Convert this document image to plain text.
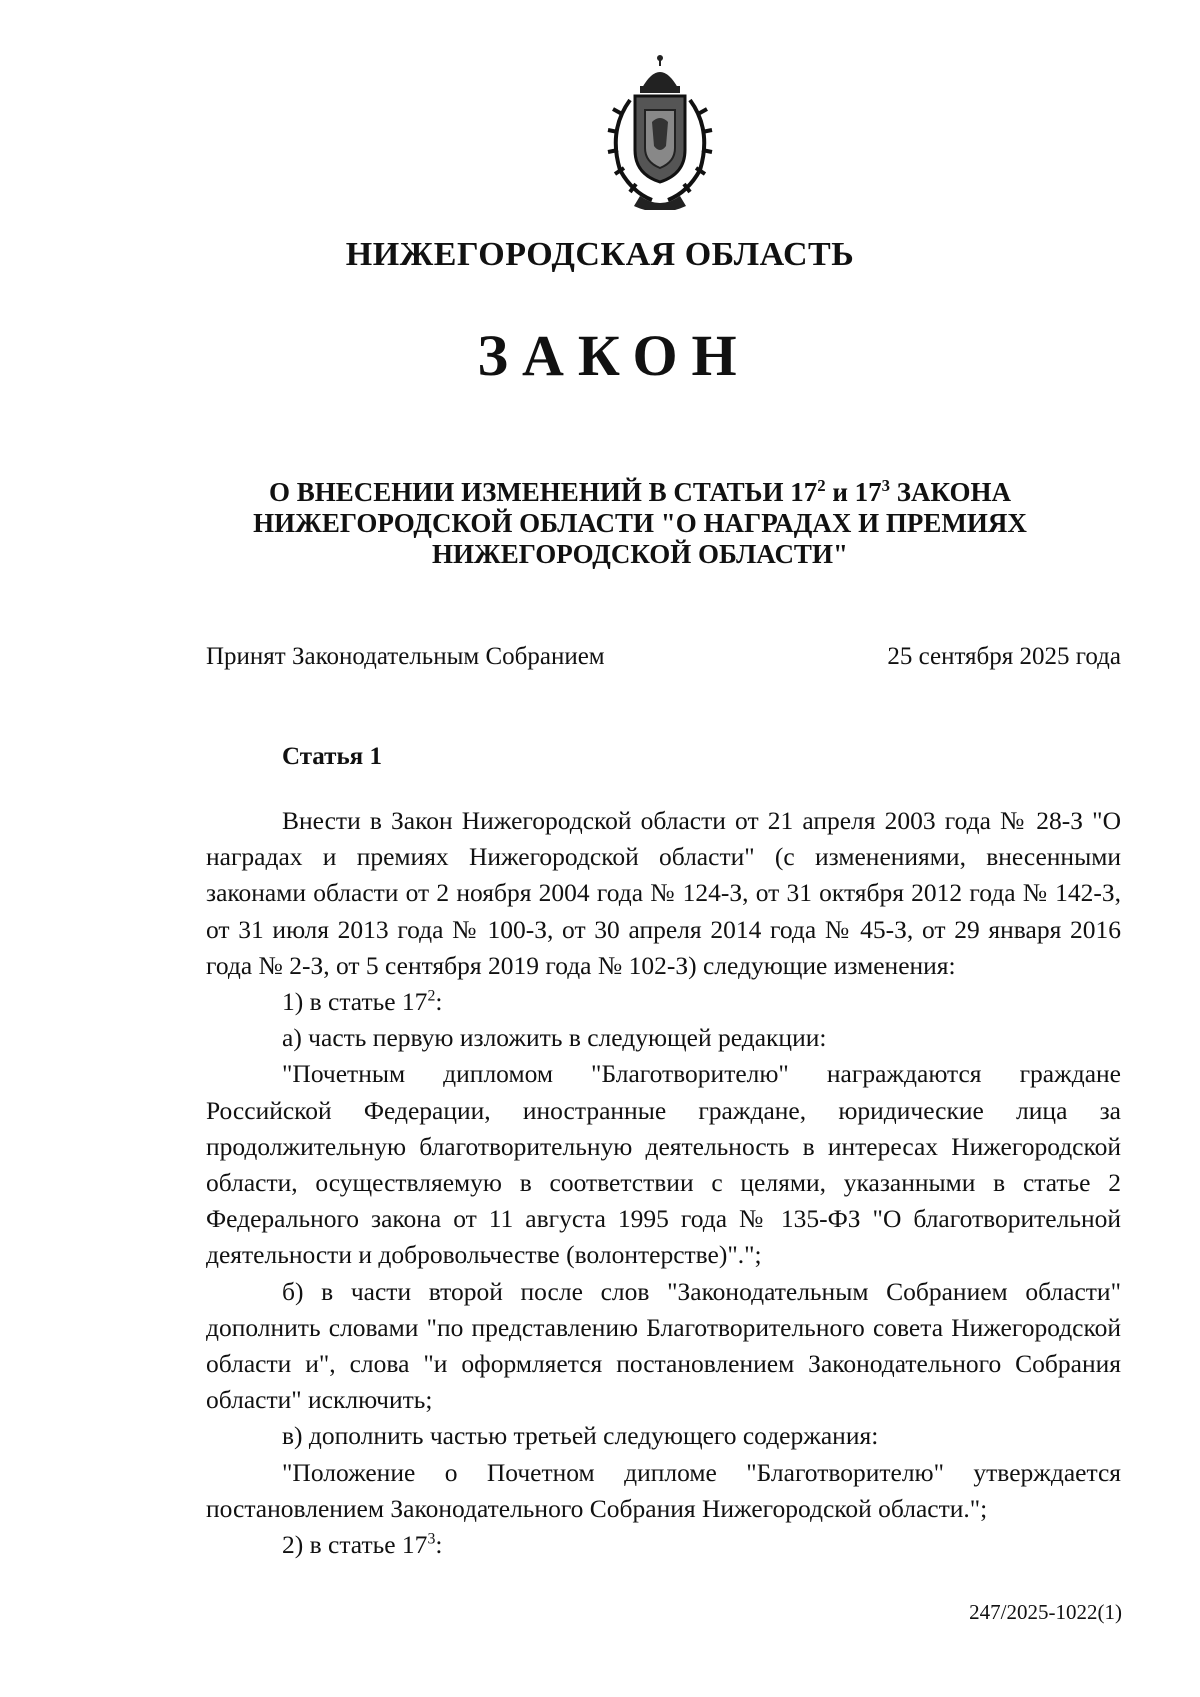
НИЖЕГОРОДСКАЯ ОБЛАСТЬ
ЗАКОН
О ВНЕСЕНИИ ИЗМЕНЕНИЙ В СТАТЬИ $17^2$ и $17^3$ ЗАКОНА
НИЖЕГОРОДСКОЙ ОБЛАСТИ "О НАГРАДАХ И ПРЕМИЯХ
НИЖЕГОРОДСКОЙ ОБЛАСТИ"
Принят Законодательным Собранием	25 сентября 2025 года
Статья 1

Внести в Закон Нижегородской области от 21 апреля 2003 года № 28-З "О наградах и премиях Нижегородской области" (с изменениями, внесенными законами области от 2 ноября 2004 года № 124-З, от 31 октября 2012 года № 142-З, от 31 июля 2013 года № 100-З, от 30 апреля 2014 года № 45-З, от 29 января 2016 года № 2-З, от 5 сентября 2019 года № 102-З) следующие изменения:

1) в статье $17^2$:

а) часть первую изложить в следующей редакции:

"Почетным дипломом "Благотворителю" награждаются граждане Российской Федерации, иностранные граждане, юридические лица за продолжительную благотворительную деятельность в интересах Нижегородской области, осуществляемую в соответствии с целями, указанными в статье 2 Федерального закона от 11 августа 1995 года № 135-ФЗ "О благотворительной деятельности и добровольчестве (волонтерстве)".";

б) в части второй после слов "Законодательным Собранием области" дополнить словами "по представлению Благотворительного совета Нижегородской области и", слова "и оформляется постановлением Законодательного Собрания области" исключить;

в) дополнить частью третьей следующего содержания:

"Положение о Почетном дипломе "Благотворителю" утверждается постановлением Законодательного Собрания Нижегородской области.";

2) в статье $17^3$:

247/2025-1022(1)
